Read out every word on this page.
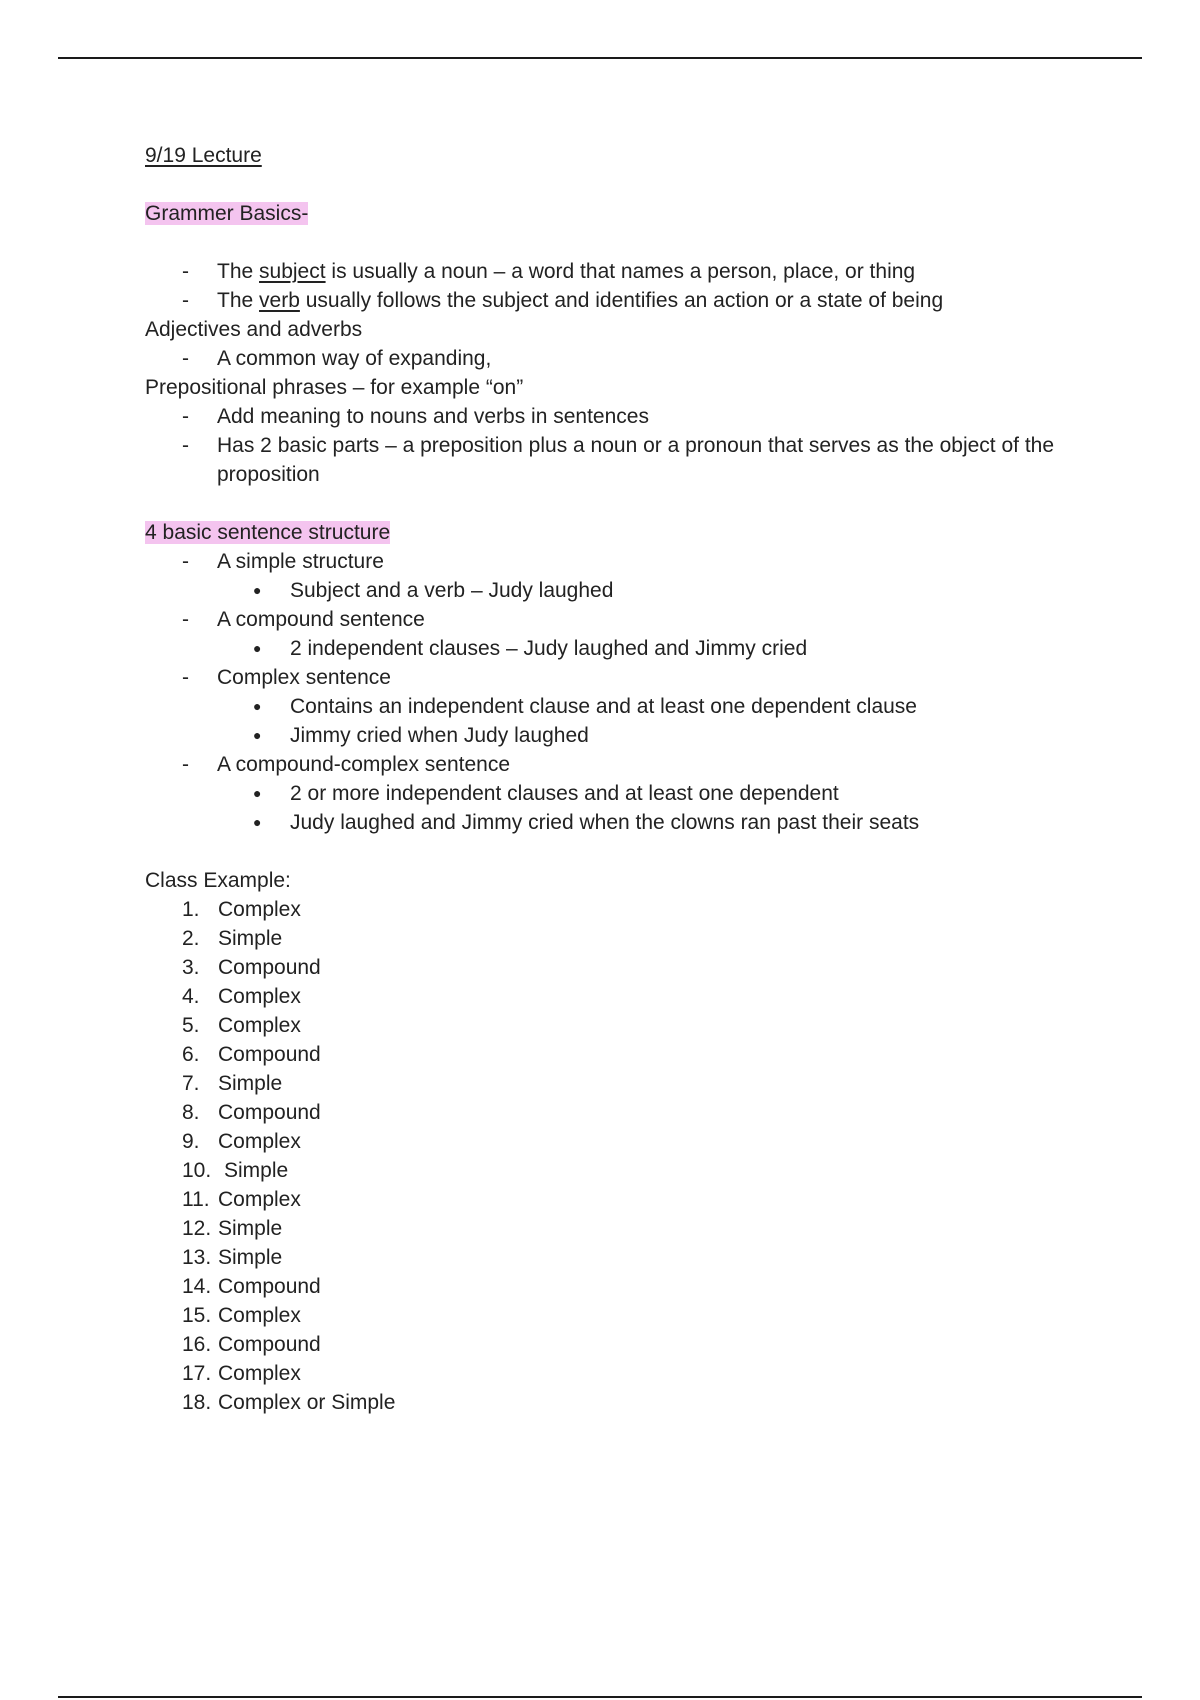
9/19 Lecture

Grammer Basics-

- The subject is usually a noun – a word that names a person, place, or thing
- The verb usually follows the subject and identifies an action or a state of being

Adjectives and adverbs

- A common way of expanding,

Prepositional phrases – for example “on”

- Add meaning to nouns and verbs in sentences
- Has 2 basic parts – a preposition plus a noun or a pronoun that serves as the object of the proposition

4 basic sentence structure

- A simple structure
● Subject and a verb – Judy laughed
- A compound sentence
● 2 independent clauses – Judy laughed and Jimmy cried
- Complex sentence
● Contains an independent clause and at least one dependent clause
● Jimmy cried when Judy laughed
- A compound-complex sentence
● 2 or more independent clauses and at least one dependent
● Judy laughed and Jimmy cried when the clowns ran past their seats

Class Example:

1. Complex
2. Simple
3. Compound
4. Complex
5. Complex
6. Compound
7. Simple
8. Compound
9. Complex
10. Simple
11. Complex
12. Simple
13. Simple
14. Compound
15. Complex
16. Compound
17. Complex
18. Complex or Simple
